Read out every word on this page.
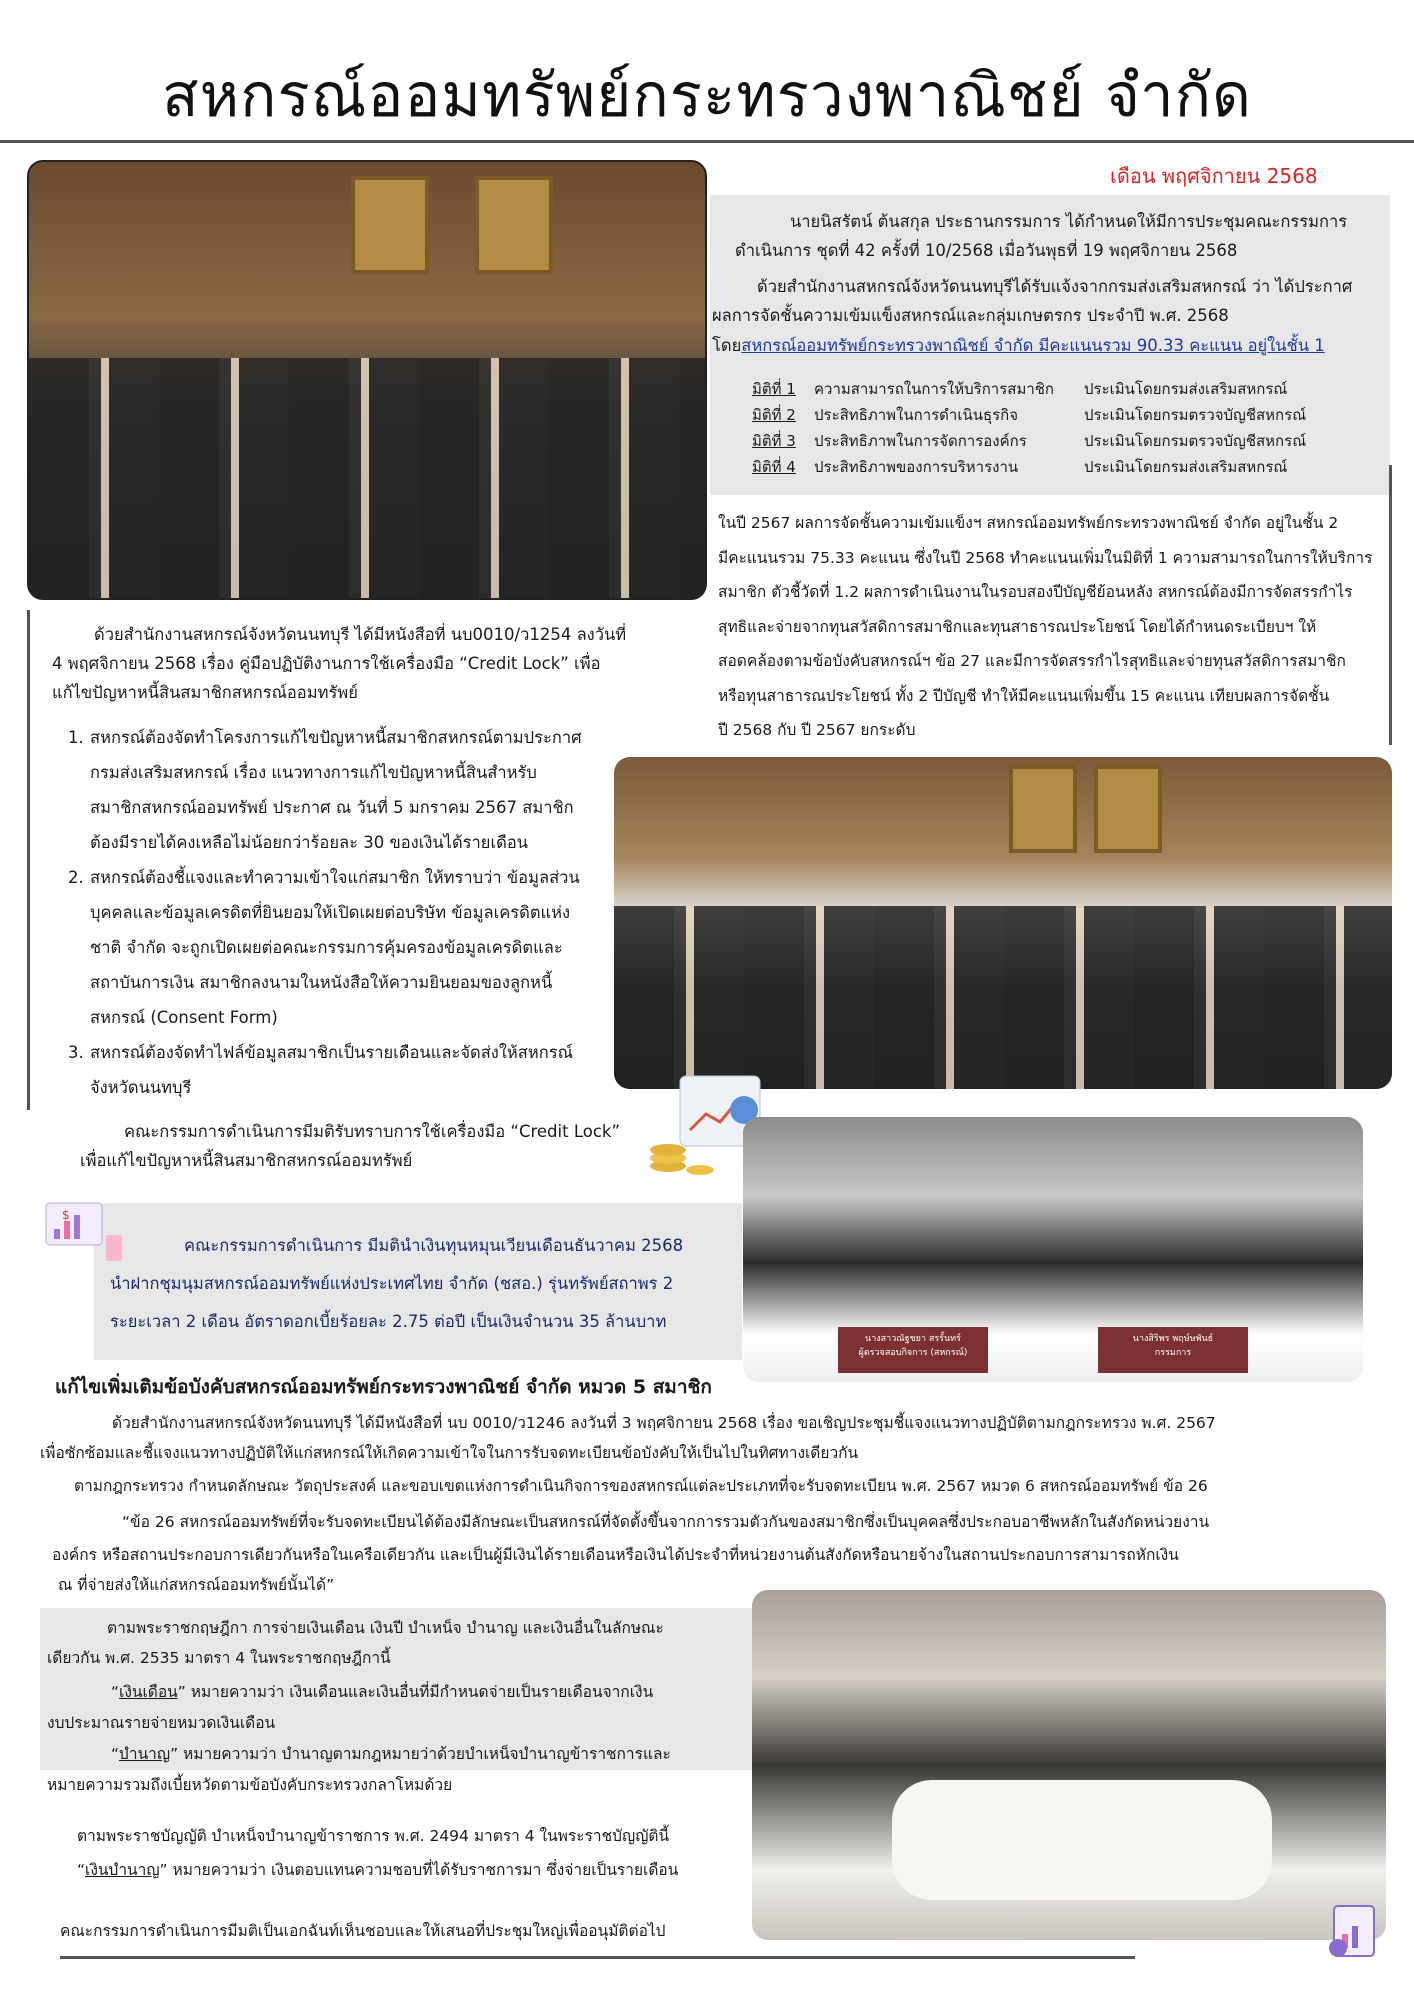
สหกรณ์ออมทรัพย์กระทรวงพาณิชย์ จำกัด
เดือน พฤศจิกายน 2568
นายนิสรัตน์ ต้นสกุล ประธานกรรมการ ได้กำหนดให้มีการประชุมคณะกรรมการ
ดำเนินการ ชุดที่ 42 ครั้งที่ 10/2568 เมื่อวันพุธที่ 19 พฤศจิกายน 2568
ด้วยสำนักงานสหกรณ์จังหวัดนนทบุรีได้รับแจ้งจากกรมส่งเสริมสหกรณ์ ว่า ได้ประกาศ
ผลการจัดชั้นความเข้มแข็งสหกรณ์และกลุ่มเกษตรกร ประจำปี พ.ศ. 2568
โดยสหกรณ์ออมทรัพย์กระทรวงพาณิชย์ จำกัด มีคะแนนรวม 90.33 คะแนน อยู่ในชั้น 1
มิติที่ 1	ความสามารถในการให้บริการสมาชิก	ประเมินโดยกรมส่งเสริมสหกรณ์
มิติที่ 2	ประสิทธิภาพในการดำเนินธุรกิจ	ประเมินโดยกรมตรวจบัญชีสหกรณ์
มิติที่ 3	ประสิทธิภาพในการจัดการองค์กร	ประเมินโดยกรมตรวจบัญชีสหกรณ์
มิติที่ 4	ประสิทธิภาพของการบริหารงาน	ประเมินโดยกรมส่งเสริมสหกรณ์
ในปี 2567 ผลการจัดชั้นความเข้มแข็งฯ สหกรณ์ออมทรัพย์กระทรวงพาณิชย์ จำกัด อยู่ในชั้น 2
มีคะแนนรวม 75.33 คะแนน ซึ่งในปี 2568 ทำคะแนนเพิ่มในมิติที่ 1 ความสามารถในการให้บริการ
สมาชิก ตัวชี้วัดที่ 1.2 ผลการดำเนินงานในรอบสองปีบัญชีย้อนหลัง สหกรณ์ต้องมีการจัดสรรกำไร
สุทธิและจ่ายจากทุนสวัสดิการสมาชิกและทุนสาธารณประโยชน์ โดยได้กำหนดระเบียบฯ ให้
สอดคล้องตามข้อบังคับสหกรณ์ฯ ข้อ 27 และมีการจัดสรรกำไรสุทธิและจ่ายทุนสวัสดิการสมาชิก
หรือทุนสาธารณประโยชน์ ทั้ง 2 ปีบัญชี ทำให้มีคะแนนเพิ่มขึ้น 15 คะแนน เทียบผลการจัดชั้น
ปี 2568 กับ ปี 2567 ยกระดับ
ด้วยสำนักงานสหกรณ์จังหวัดนนทบุรี ได้มีหนังสือที่ นบ0010/ว1254 ลงวันที่
4 พฤศจิกายน 2568 เรื่อง คู่มือปฏิบัติงานการใช้เครื่องมือ “Credit Lock” เพื่อ
แก้ไขปัญหาหนี้สินสมาชิกสหกรณ์ออมทรัพย์
1. สหกรณ์ต้องจัดทำโครงการแก้ไขปัญหาหนี้สมาชิกสหกรณ์ตามประกาศ
กรมส่งเสริมสหกรณ์ เรื่อง แนวทางการแก้ไขปัญหาหนี้สินสำหรับ
สมาชิกสหกรณ์ออมทรัพย์ ประกาศ ณ วันที่ 5 มกราคม 2567 สมาชิก
ต้องมีรายได้คงเหลือไม่น้อยกว่าร้อยละ 30 ของเงินได้รายเดือน
2. สหกรณ์ต้องชี้แจงและทำความเข้าใจแก่สมาชิก ให้ทราบว่า ข้อมูลส่วน
บุคคลและข้อมูลเครดิตที่ยินยอมให้เปิดเผยต่อบริษัท ข้อมูลเครดิตแห่ง
ชาติ จำกัด จะถูกเปิดเผยต่อคณะกรรมการคุ้มครองข้อมูลเครดิตและ
สถาบันการเงิน สมาชิกลงนามในหนังสือให้ความยินยอมของลูกหนี้
สหกรณ์ (Consent Form)
3. สหกรณ์ต้องจัดทำไฟล์ข้อมูลสมาชิกเป็นรายเดือนและจัดส่งให้สหกรณ์
จังหวัดนนทบุรี
คณะกรรมการดำเนินการมีมติรับทราบการใช้เครื่องมือ “Credit Lock”
เพื่อแก้ไขปัญหาหนี้สินสมาชิกสหกรณ์ออมทรัพย์
$
คณะกรรมการดำเนินการ มีมตินำเงินทุนหมุนเวียนเดือนธันวาคม 2568
นำฝากชุมนุมสหกรณ์ออมทรัพย์แห่งประเทศไทย จำกัด (ชสอ.) รุ่นทรัพย์สถาพร 2
ระยะเวลา 2 เดือน อัตราดอกเบี้ยร้อยละ 2.75 ต่อปี เป็นเงินจำนวน 35 ล้านบาท
นางสาวณัฐชยา สรรั้นทร์
ผู้ตรวจสอบกิจการ (สหกรณ์)
นางสิริพร พฤษ์ษพันธ์
กรรมการ
แก้ไขเพิ่มเติมข้อบังคับสหกรณ์ออมทรัพย์กระทรวงพาณิชย์ จำกัด หมวด 5 สมาชิก
ด้วยสำนักงานสหกรณ์จังหวัดนนทบุรี ได้มีหนังสือที่ นบ 0010/ว1246 ลงวันที่ 3 พฤศจิกายน 2568 เรื่อง ขอเชิญประชุมชี้แจงแนวทางปฏิบัติตามกฎกระทรวง พ.ศ. 2567
เพื่อซักซ้อมและชี้แจงแนวทางปฏิบัติให้แก่สหกรณ์ให้เกิดความเข้าใจในการรับจดทะเบียนข้อบังคับให้เป็นไปในทิศทางเดียวกัน
ตามกฎกระทรวง กำหนดลักษณะ วัตถุประสงค์ และขอบเขตแห่งการดำเนินกิจการของสหกรณ์แต่ละประเภทที่จะรับจดทะเบียน พ.ศ. 2567 หมวด 6 สหกรณ์ออมทรัพย์ ข้อ 26
“ข้อ 26 สหกรณ์ออมทรัพย์ที่จะรับจดทะเบียนได้ต้องมีลักษณะเป็นสหกรณ์ที่จัดตั้งขึ้นจากการรวมตัวกันของสมาชิกซึ่งเป็นบุคคลซึ่งประกอบอาชีพหลักในสังกัดหน่วยงาน
องค์กร หรือสถานประกอบการเดียวกันหรือในเครือเดียวกัน และเป็นผู้มีเงินได้รายเดือนหรือเงินได้ประจำที่หน่วยงานต้นสังกัดหรือนายจ้างในสถานประกอบการสามารถหักเงิน
ณ ที่จ่ายส่งให้แก่สหกรณ์ออมทรัพย์นั้นได้”
ตามพระราชกฤษฎีกา การจ่ายเงินเดือน เงินปี บำเหน็จ บำนาญ และเงินอื่นในลักษณะ
เดียวกัน พ.ศ. 2535 มาตรา 4 ในพระราชกฤษฎีกานี้
“เงินเดือน” หมายความว่า เงินเดือนและเงินอื่นที่มีกำหนดจ่ายเป็นรายเดือนจากเงิน
งบประมาณรายจ่ายหมวดเงินเดือน
“บำนาญ” หมายความว่า บำนาญตามกฎหมายว่าด้วยบำเหน็จบำนาญข้าราชการและ
หมายความรวมถึงเบี้ยหวัดตามข้อบังคับกระทรวงกลาโหมด้วย
ตามพระราชบัญญัติ บำเหน็จบำนาญข้าราชการ พ.ศ. 2494 มาตรา 4 ในพระราชบัญญัตินี้
“เงินบำนาญ” หมายความว่า เงินตอบแทนความชอบที่ได้รับราชการมา ซึ่งจ่ายเป็นรายเดือน
คณะกรรมการดำเนินการมีมติเป็นเอกฉันท์เห็นชอบและให้เสนอที่ประชุมใหญ่เพื่ออนุมัติต่อไป
